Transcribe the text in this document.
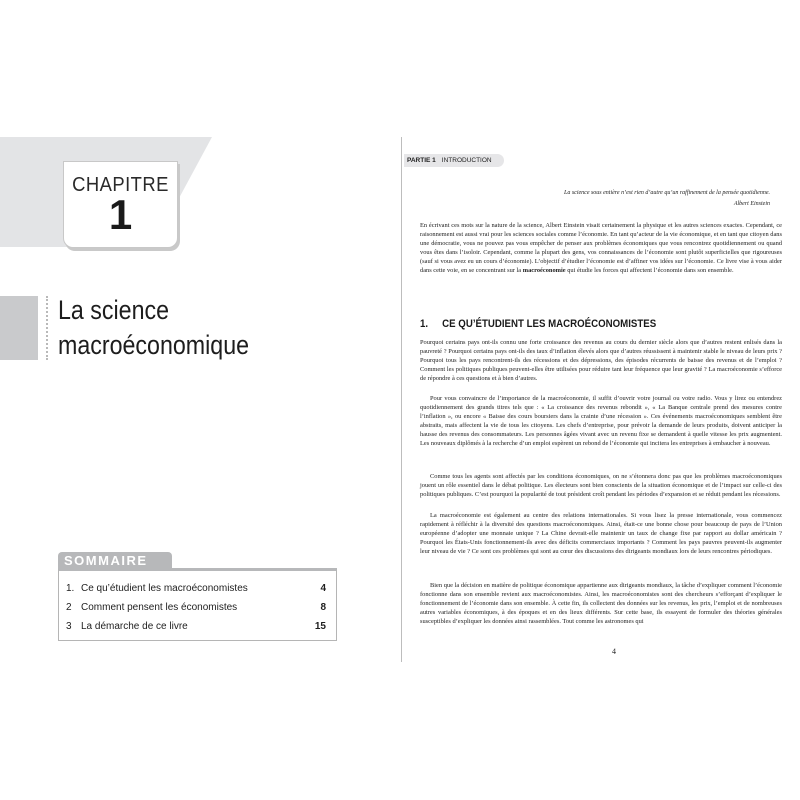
CHAPITRE
1
La science
macroéconomique
SOMMAIRE
1. Ce qu’étudient les macroéconomistes	4
2 Comment pensent les économistes	8
3 La démarche de ce livre	15
PARTIE 1 INTRODUCTION
La science sous entière n’est rien d’autre qu’un raffinement de la pensée quotidienne.
Albert Einstein

En écrivant ces mots sur la nature de la science, Albert Einstein visait certainement la physique et les autres sciences exactes. Cependant, ce raisonnement est aussi vrai pour les sciences sociales comme l’économie. En tant qu’acteur de la vie économique, et en tant que citoyen dans une démocratie, vous ne pouvez pas vous empêcher de penser aux problèmes économiques que vous rencontrez quotidiennement ou quand vous êtes dans l’isoloir. Cependant, comme la plupart des gens, vos connaissances de l’économie sont plutôt superficielles que rigoureuses (sauf si vous avez eu un cours d’économie). L’objectif d’étudier l’économie est d’affiner vos idées sur l’économie. Ce livre vise à vous aider dans cette voie, en se concentrant sur la macroéconomie qui étudie les forces qui affectent l’économie dans son ensemble.

1. CE QU’ÉTUDIENT LES MACROÉCONOMISTES

Pourquoi certains pays ont-ils connu une forte croissance des revenus au cours du dernier siècle alors que d’autres restent enlisés dans la pauvreté ? Pourquoi certains pays ont-ils des taux d’inflation élevés alors que d’autres réussissent à maintenir stable le niveau de leurs prix ? Pourquoi tous les pays rencontrent-ils des récessions et des dépressions, des épisodes récurrents de baisse des revenus et de l’emploi ? Comment les politiques publiques peuvent-elles être utilisées pour réduire tant leur fréquence que leur gravité ? La macroéconomie s’efforce de répondre à ces questions et à bien d’autres.

Pour vous convaincre de l’importance de la macroéconomie, il suffit d’ouvrir votre journal ou votre radio. Vous y lirez ou entendrez quotidiennement des grands titres tels que : « La croissance des revenus rebondit », « La Banque centrale prend des mesures contre l’inflation », ou encore « Baisse des cours boursiers dans la crainte d’une récession ». Ces événements macroéconomiques semblent être abstraits, mais affectent la vie de tous les citoyens. Les chefs d’entreprise, pour prévoir la demande de leurs produits, doivent anticiper la hausse des revenus des consommateurs. Les personnes âgées vivant avec un revenu fixe se demandent à quelle vitesse les prix augmentent. Les nouveaux diplômés à la recherche d’un emploi espèrent un rebond de l’économie qui incitera les entreprises à embaucher à nouveau.

Comme tous les agents sont affectés par les conditions économiques, on ne s’étonnera donc pas que les problèmes macroéconomiques jouent un rôle essentiel dans le débat politique. Les électeurs sont bien conscients de la situation économique et de l’impact sur celle-ci des politiques publiques. C’est pourquoi la popularité de tout président croît pendant les périodes d’expansion et se réduit pendant les récessions.

La macroéconomie est également au centre des relations internationales. Si vous lisez la presse internationale, vous commencez rapidement à réfléchir à la diversité des questions macroéconomiques. Ainsi, était-ce une bonne chose pour beaucoup de pays de l’Union européenne d’adopter une monnaie unique ? La Chine devrait-elle maintenir un taux de change fixe par rapport au dollar américain ? Pourquoi les États-Unis fonctionnement-ils avec des déficits commerciaux importants ? Comment les pays pauvres peuvent-ils augmenter leur niveau de vie ? Ce sont ces problèmes qui sont au cœur des discussions des dirigeants mondiaux lors de leurs rencontres périodiques.

Bien que la décision en matière de politique économique appartienne aux dirigeants mondiaux, la tâche d’expliquer comment l’économie fonctionne dans son ensemble revient aux macroéconomistes. Ainsi, les macroéconomistes sont des chercheurs s’efforçant d’expliquer le fonctionnement de l’économie dans son ensemble. À cette fin, ils collectent des données sur les revenus, les prix, l’emploi et de nombreuses autres variables économiques, à des époques et en des lieux différents. Sur cette base, ils essayent de formuler des théories générales susceptibles d’expliquer les données ainsi rassemblées. Tout comme les astronomes qui

4
